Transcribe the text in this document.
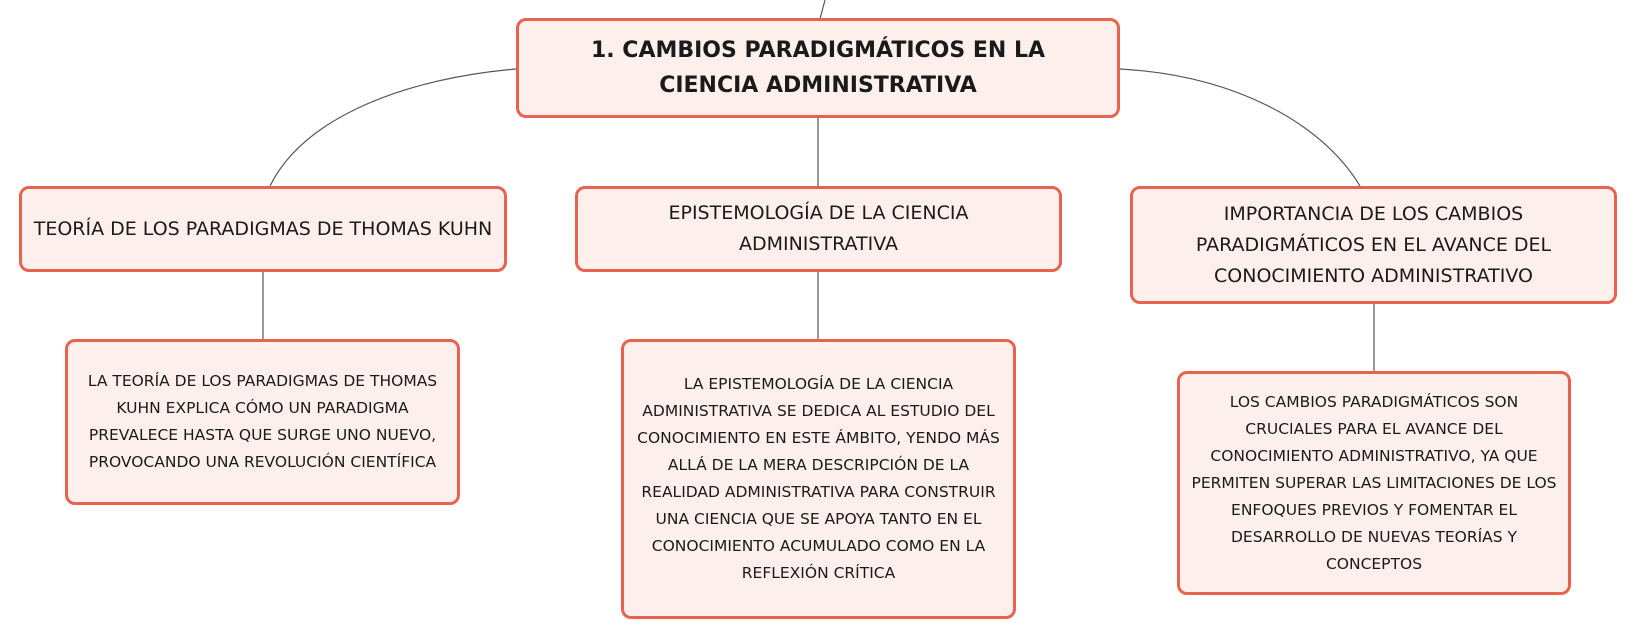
1. CAMBIOS PARADIGMÁTICOS EN LA CIENCIA ADMINISTRATIVA
TEORÍA DE LOS PARADIGMAS DE THOMAS KUHN
EPISTEMOLOGÍA DE LA CIENCIA ADMINISTRATIVA
IMPORTANCIA DE LOS CAMBIOS PARADIGMÁTICOS EN EL AVANCE DEL CONOCIMIENTO ADMINISTRATIVO
LA TEORÍA DE LOS PARADIGMAS DE THOMAS KUHN EXPLICA CÓMO UN PARADIGMA PREVALECE HASTA QUE SURGE UNO NUEVO, PROVOCANDO UNA REVOLUCIÓN CIENTÍFICA
LA EPISTEMOLOGÍA DE LA CIENCIA ADMINISTRATIVA SE DEDICA AL ESTUDIO DEL CONOCIMIENTO EN ESTE ÁMBITO, YENDO MÁS ALLÁ DE LA MERA DESCRIPCIÓN DE LA REALIDAD ADMINISTRATIVA PARA CONSTRUIR UNA CIENCIA QUE SE APOYA TANTO EN EL CONOCIMIENTO ACUMULADO COMO EN LA REFLEXIÓN CRÍTICA
LOS CAMBIOS PARADIGMÁTICOS SON CRUCIALES PARA EL AVANCE DEL CONOCIMIENTO ADMINISTRATIVO, YA QUE PERMITEN SUPERAR LAS LIMITACIONES DE LOS ENFOQUES PREVIOS Y FOMENTAR EL DESARROLLO DE NUEVAS TEORÍAS Y CONCEPTOS
